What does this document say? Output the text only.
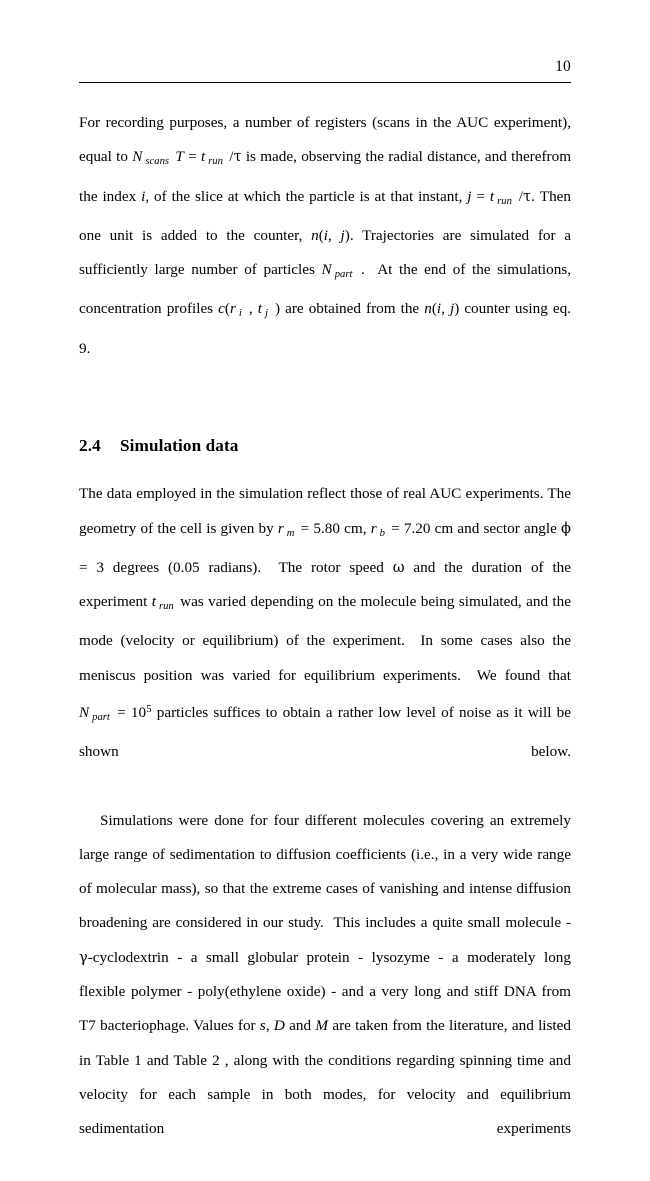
10

For recording purposes, a number of registers (scans in the AUC experiment), equal to N $_{scans}$ T = t $_{run}$ /τ is made, observing the radial distance, and therefrom the index i, of the slice at which the particle is at that instant, j = t $_{run}$ /τ. Then one unit is added to the counter, n(i, j). Trajectories are simulated for a sufficiently large number of particles N $_{part}$ .  At the end of the simulations, concentration profiles c(r $_i$ , t $_j$ ) are obtained from the n(i, j) counter using eq. 9.

2.4 Simulation data

The data employed in the simulation reflect those of real AUC experiments. The geometry of the cell is given by r $_m$ = 5.80 cm, r $_b$ = 7.20 cm and sector angle ϕ = 3 degrees (0.05 radians).  The rotor speed ω and the duration of the experiment t $_{run}$ was varied depending on the molecule being simulated, and the mode (velocity or equilibrium) of the experiment.  In some cases also the meniscus position was varied for equilibrium experiments.  We found that N $_{part} = 10^5$ particles suffices to obtain a rather low level of noise as it will be shown below.

Simulations were done for four different molecules covering an extremely large range of sedimentation to diffusion coefficients (i.e., in a very wide range of molecular mass), so that the extreme cases of vanishing and intense diffusion broadening are considered in our study.  This includes a quite small molecule - γ-cyclodextrin - a small globular protein - lysozyme - a moderately long flexible polymer - poly(ethylene oxide) - and a very long and stiff DNA from T7 bacteriophage. Values for s, D and M are taken from the literature, and listed in Table 1 and Table 2 , along with the conditions regarding spinning time and velocity for each sample in both modes, for velocity and equilibrium sedimentation experiments
